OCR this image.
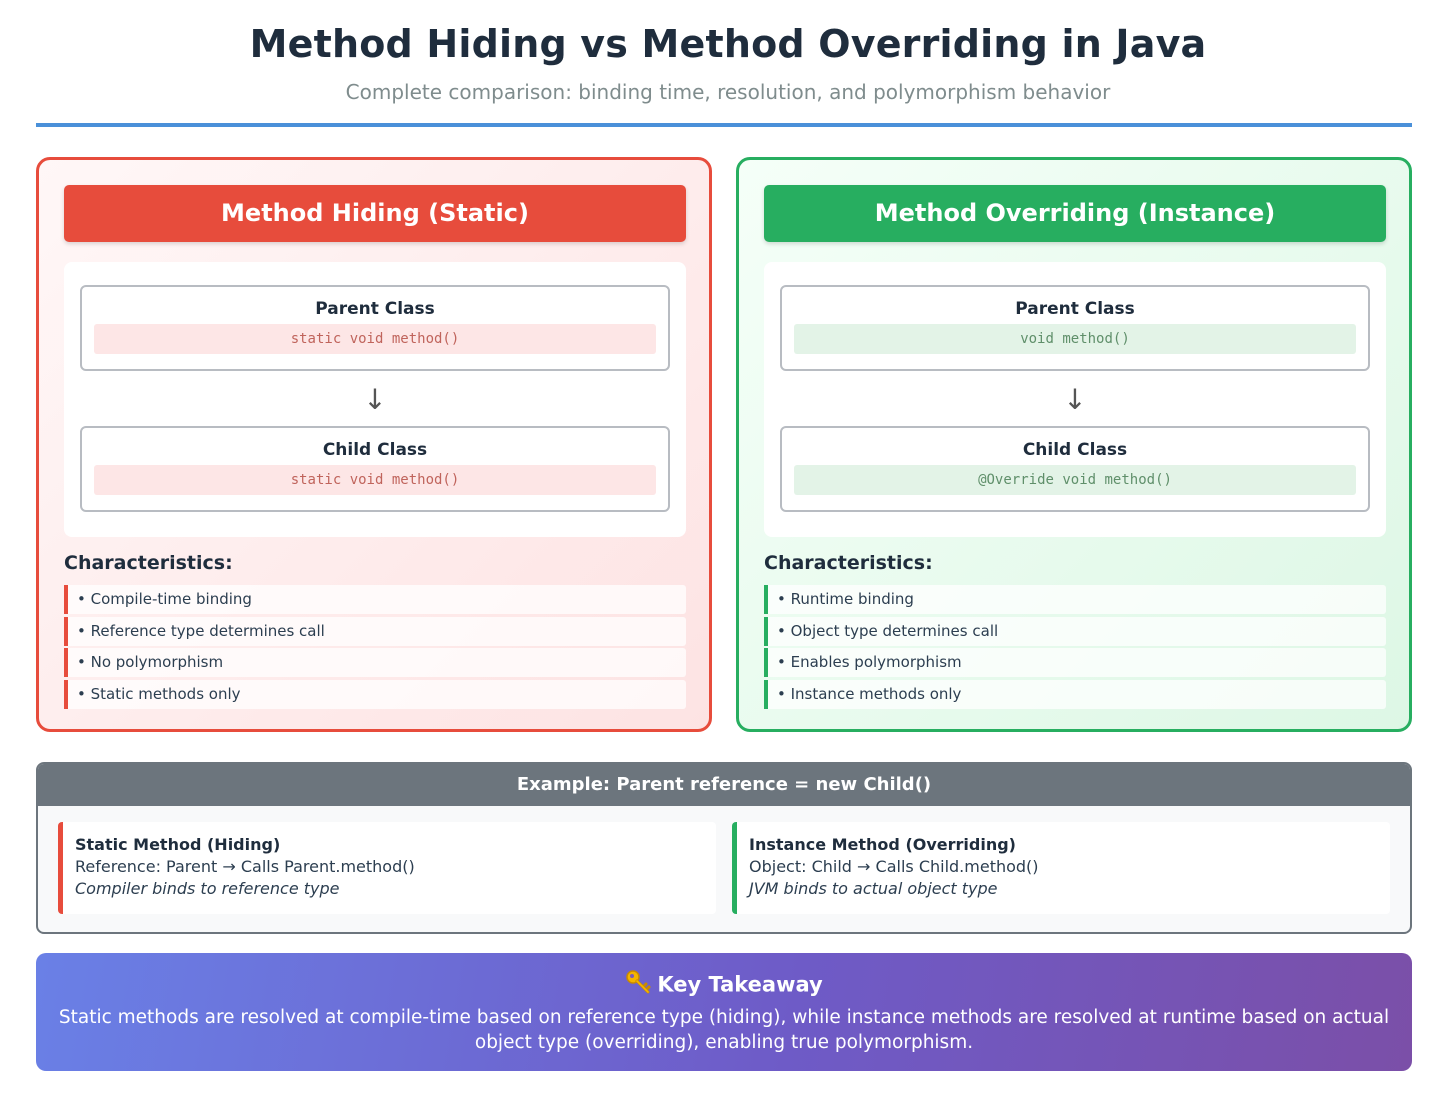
Method Hiding vs Method Overriding in Java
Complete comparison: binding time, resolution, and polymorphism behavior
Method Hiding (Static)
Parent Class
static void method()
↓
Child Class
static void method()
Characteristics:
• Compile-time binding
• Reference type determines call
• No polymorphism
• Static methods only
Method Overriding (Instance)
Parent Class
void method()
↓
Child Class
@Override void method()
Characteristics:
• Runtime binding
• Object type determines call
• Enables polymorphism
• Instance methods only
Example: Parent reference = new Child()
Static Method (Hiding)
Reference: Parent → Calls Parent.method()
Compiler binds to reference type
Instance Method (Overriding)
Object: Child → Calls Child.method()
JVM binds to actual object type
Key Takeaway
Static methods are resolved at compile-time based on reference type (hiding), while instance methods are resolved at runtime based on actual object type (overriding), enabling true polymorphism.
